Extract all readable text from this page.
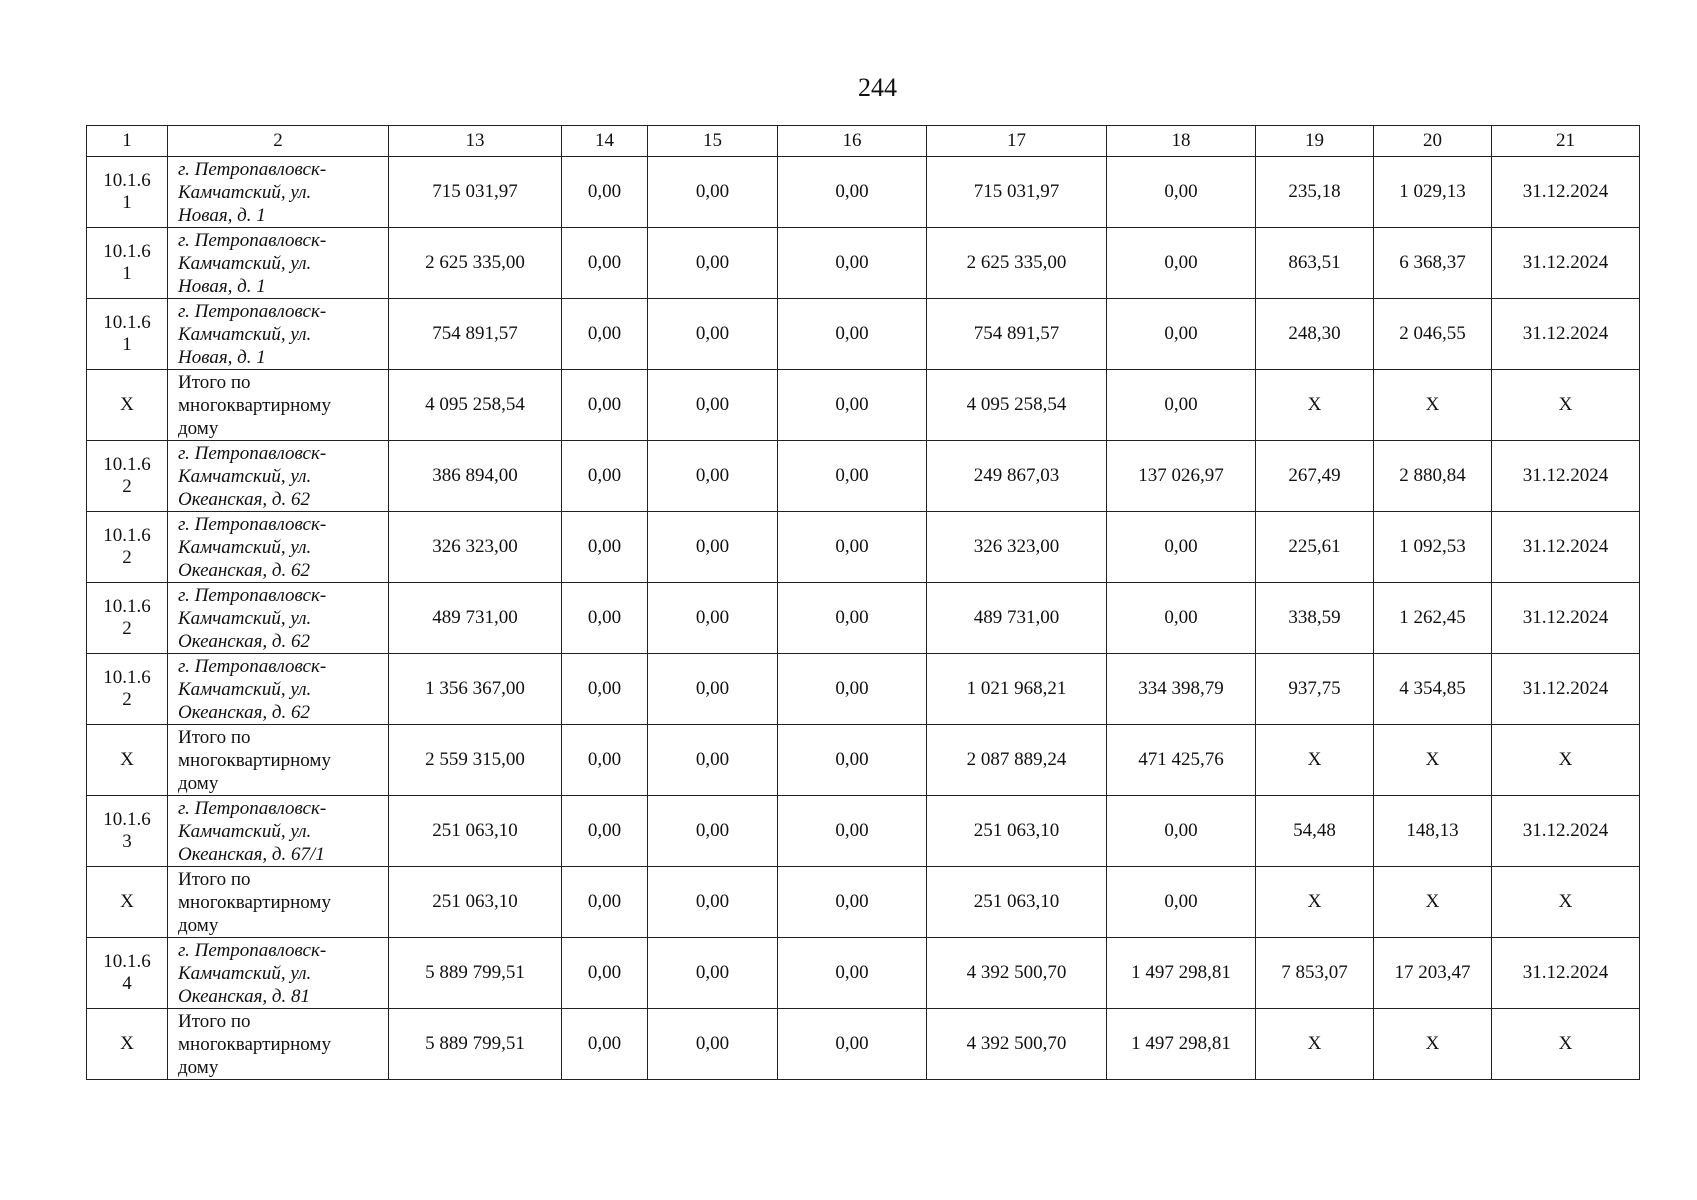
244
1	2	13	14	15	16	17	18	19	20	21
10.1.6
1	г. Петропавловск-
Камчатский, ул.
Новая, д. 1	715 031,97	0,00	0,00	0,00	715 031,97	0,00	235,18	1 029,13	31.12.2024
10.1.6
1	г. Петропавловск-
Камчатский, ул.
Новая, д. 1	2 625 335,00	0,00	0,00	0,00	2 625 335,00	0,00	863,51	6 368,37	31.12.2024
10.1.6
1	г. Петропавловск-
Камчатский, ул.
Новая, д. 1	754 891,57	0,00	0,00	0,00	754 891,57	0,00	248,30	2 046,55	31.12.2024
X	Итого по
многоквартирному
дому	4 095 258,54	0,00	0,00	0,00	4 095 258,54	0,00	X	X	X
10.1.6
2	г. Петропавловск-
Камчатский, ул.
Океанская, д. 62	386 894,00	0,00	0,00	0,00	249 867,03	137 026,97	267,49	2 880,84	31.12.2024
10.1.6
2	г. Петропавловск-
Камчатский, ул.
Океанская, д. 62	326 323,00	0,00	0,00	0,00	326 323,00	0,00	225,61	1 092,53	31.12.2024
10.1.6
2	г. Петропавловск-
Камчатский, ул.
Океанская, д. 62	489 731,00	0,00	0,00	0,00	489 731,00	0,00	338,59	1 262,45	31.12.2024
10.1.6
2	г. Петропавловск-
Камчатский, ул.
Океанская, д. 62	1 356 367,00	0,00	0,00	0,00	1 021 968,21	334 398,79	937,75	4 354,85	31.12.2024
X	Итого по
многоквартирному
дому	2 559 315,00	0,00	0,00	0,00	2 087 889,24	471 425,76	X	X	X
10.1.6
3	г. Петропавловск-
Камчатский, ул.
Океанская, д. 67/1	251 063,10	0,00	0,00	0,00	251 063,10	0,00	54,48	148,13	31.12.2024
X	Итого по
многоквартирному
дому	251 063,10	0,00	0,00	0,00	251 063,10	0,00	X	X	X
10.1.6
4	г. Петропавловск-
Камчатский, ул.
Океанская, д. 81	5 889 799,51	0,00	0,00	0,00	4 392 500,70	1 497 298,81	7 853,07	17 203,47	31.12.2024
X	Итого по
многоквартирному
дому	5 889 799,51	0,00	0,00	0,00	4 392 500,70	1 497 298,81	X	X	X
